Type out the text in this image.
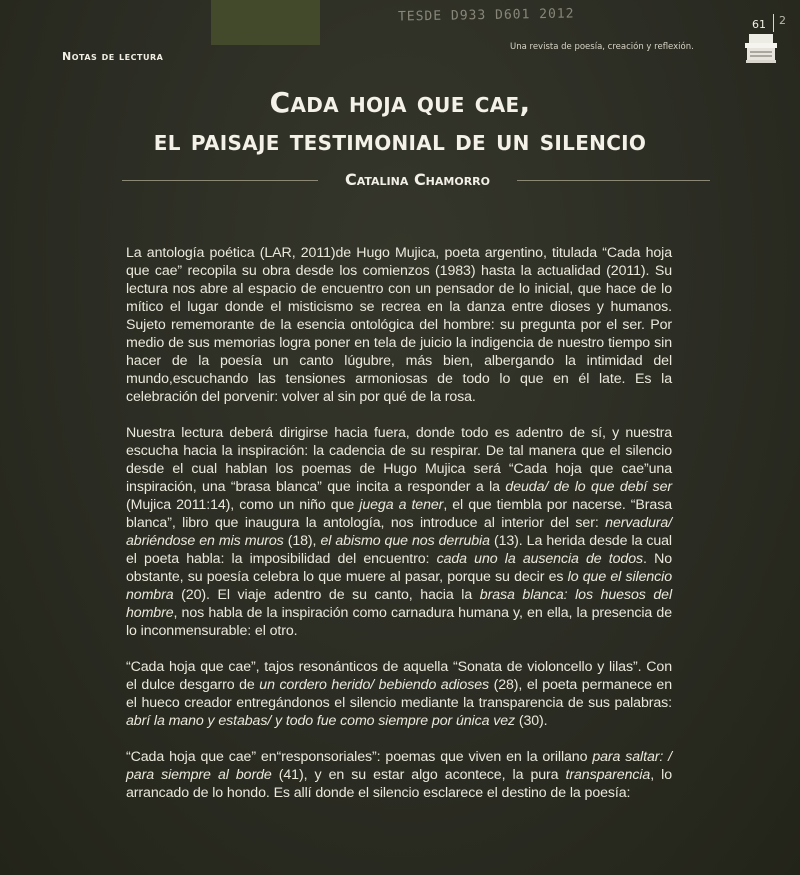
Notas de lectura
TESDE D933 D601 2012
Una revista de poesía, creación y reflexión.
61 2
Cada hoja que cae,
el paisaje testimonial de un silencio
Catalina Chamorro

La antología poética (LAR, 2011)de Hugo Mujica, poeta argentino, titulada “Cada hoja que cae” recopila su obra desde los comienzos (1983) hasta la actualidad (2011). Su lectura nos abre al espacio de encuentro con un pensador de lo inicial, que hace de lo mítico el lugar donde el misticismo se recrea en la danza entre dioses y humanos. Sujeto rememorante de la esencia ontológica del hombre: su pregunta por el ser. Por medio de sus memorias logra poner en tela de juicio la indigencia de nuestro tiempo sin hacer de la poesía un canto lúgubre, más bien, albergando la intimidad del mundo,escuchando las tensiones armoniosas de todo lo que en él late. Es la celebración del porvenir: volver al sin por qué de la rosa.

Nuestra lectura deberá dirigirse hacia fuera, donde todo es adentro de sí, y nuestra escucha hacia la inspiración: la cadencia de su respirar. De tal manera que el silencio desde el cual hablan los poemas de Hugo Mujica será “Cada hoja que cae”una inspiración, una “brasa blanca” que incita a responder a la deuda/ de lo que debí ser (Mujica 2011:14), como un niño que juega a tener, el que tiembla por nacerse. “Brasa blanca”, libro que inaugura la antología, nos introduce al interior del ser: nervadura/ abriéndose en mis muros (18), el abismo que nos derrubia (13). La herida desde la cual el poeta habla: la imposibilidad del encuentro: cada uno la ausencia de todos. No obstante, su poesía celebra lo que muere al pasar, porque su decir es lo que el silencio nombra (20). El viaje adentro de su canto, hacia la brasa blanca: los huesos del hombre, nos habla de la inspiración como carnadura humana y, en ella, la presencia de lo inconmensurable: el otro.

“Cada hoja que cae”, tajos resonánticos de aquella “Sonata de violoncello y lilas”. Con el dulce desgarro de un cordero herido/ bebiendo adioses (28), el poeta permanece en el hueco creador entregándonos el silencio mediante la transparencia de sus palabras: abrí la mano y estabas/ y todo fue como siempre por única vez (30).

“Cada hoja que cae” en“responsoriales”: poemas que viven en la orillano para saltar: / para siempre al borde (41), y en su estar algo acontece, la pura transparencia, lo arrancado de lo hondo. Es allí donde el silencio esclarece el destino de la poesía:
